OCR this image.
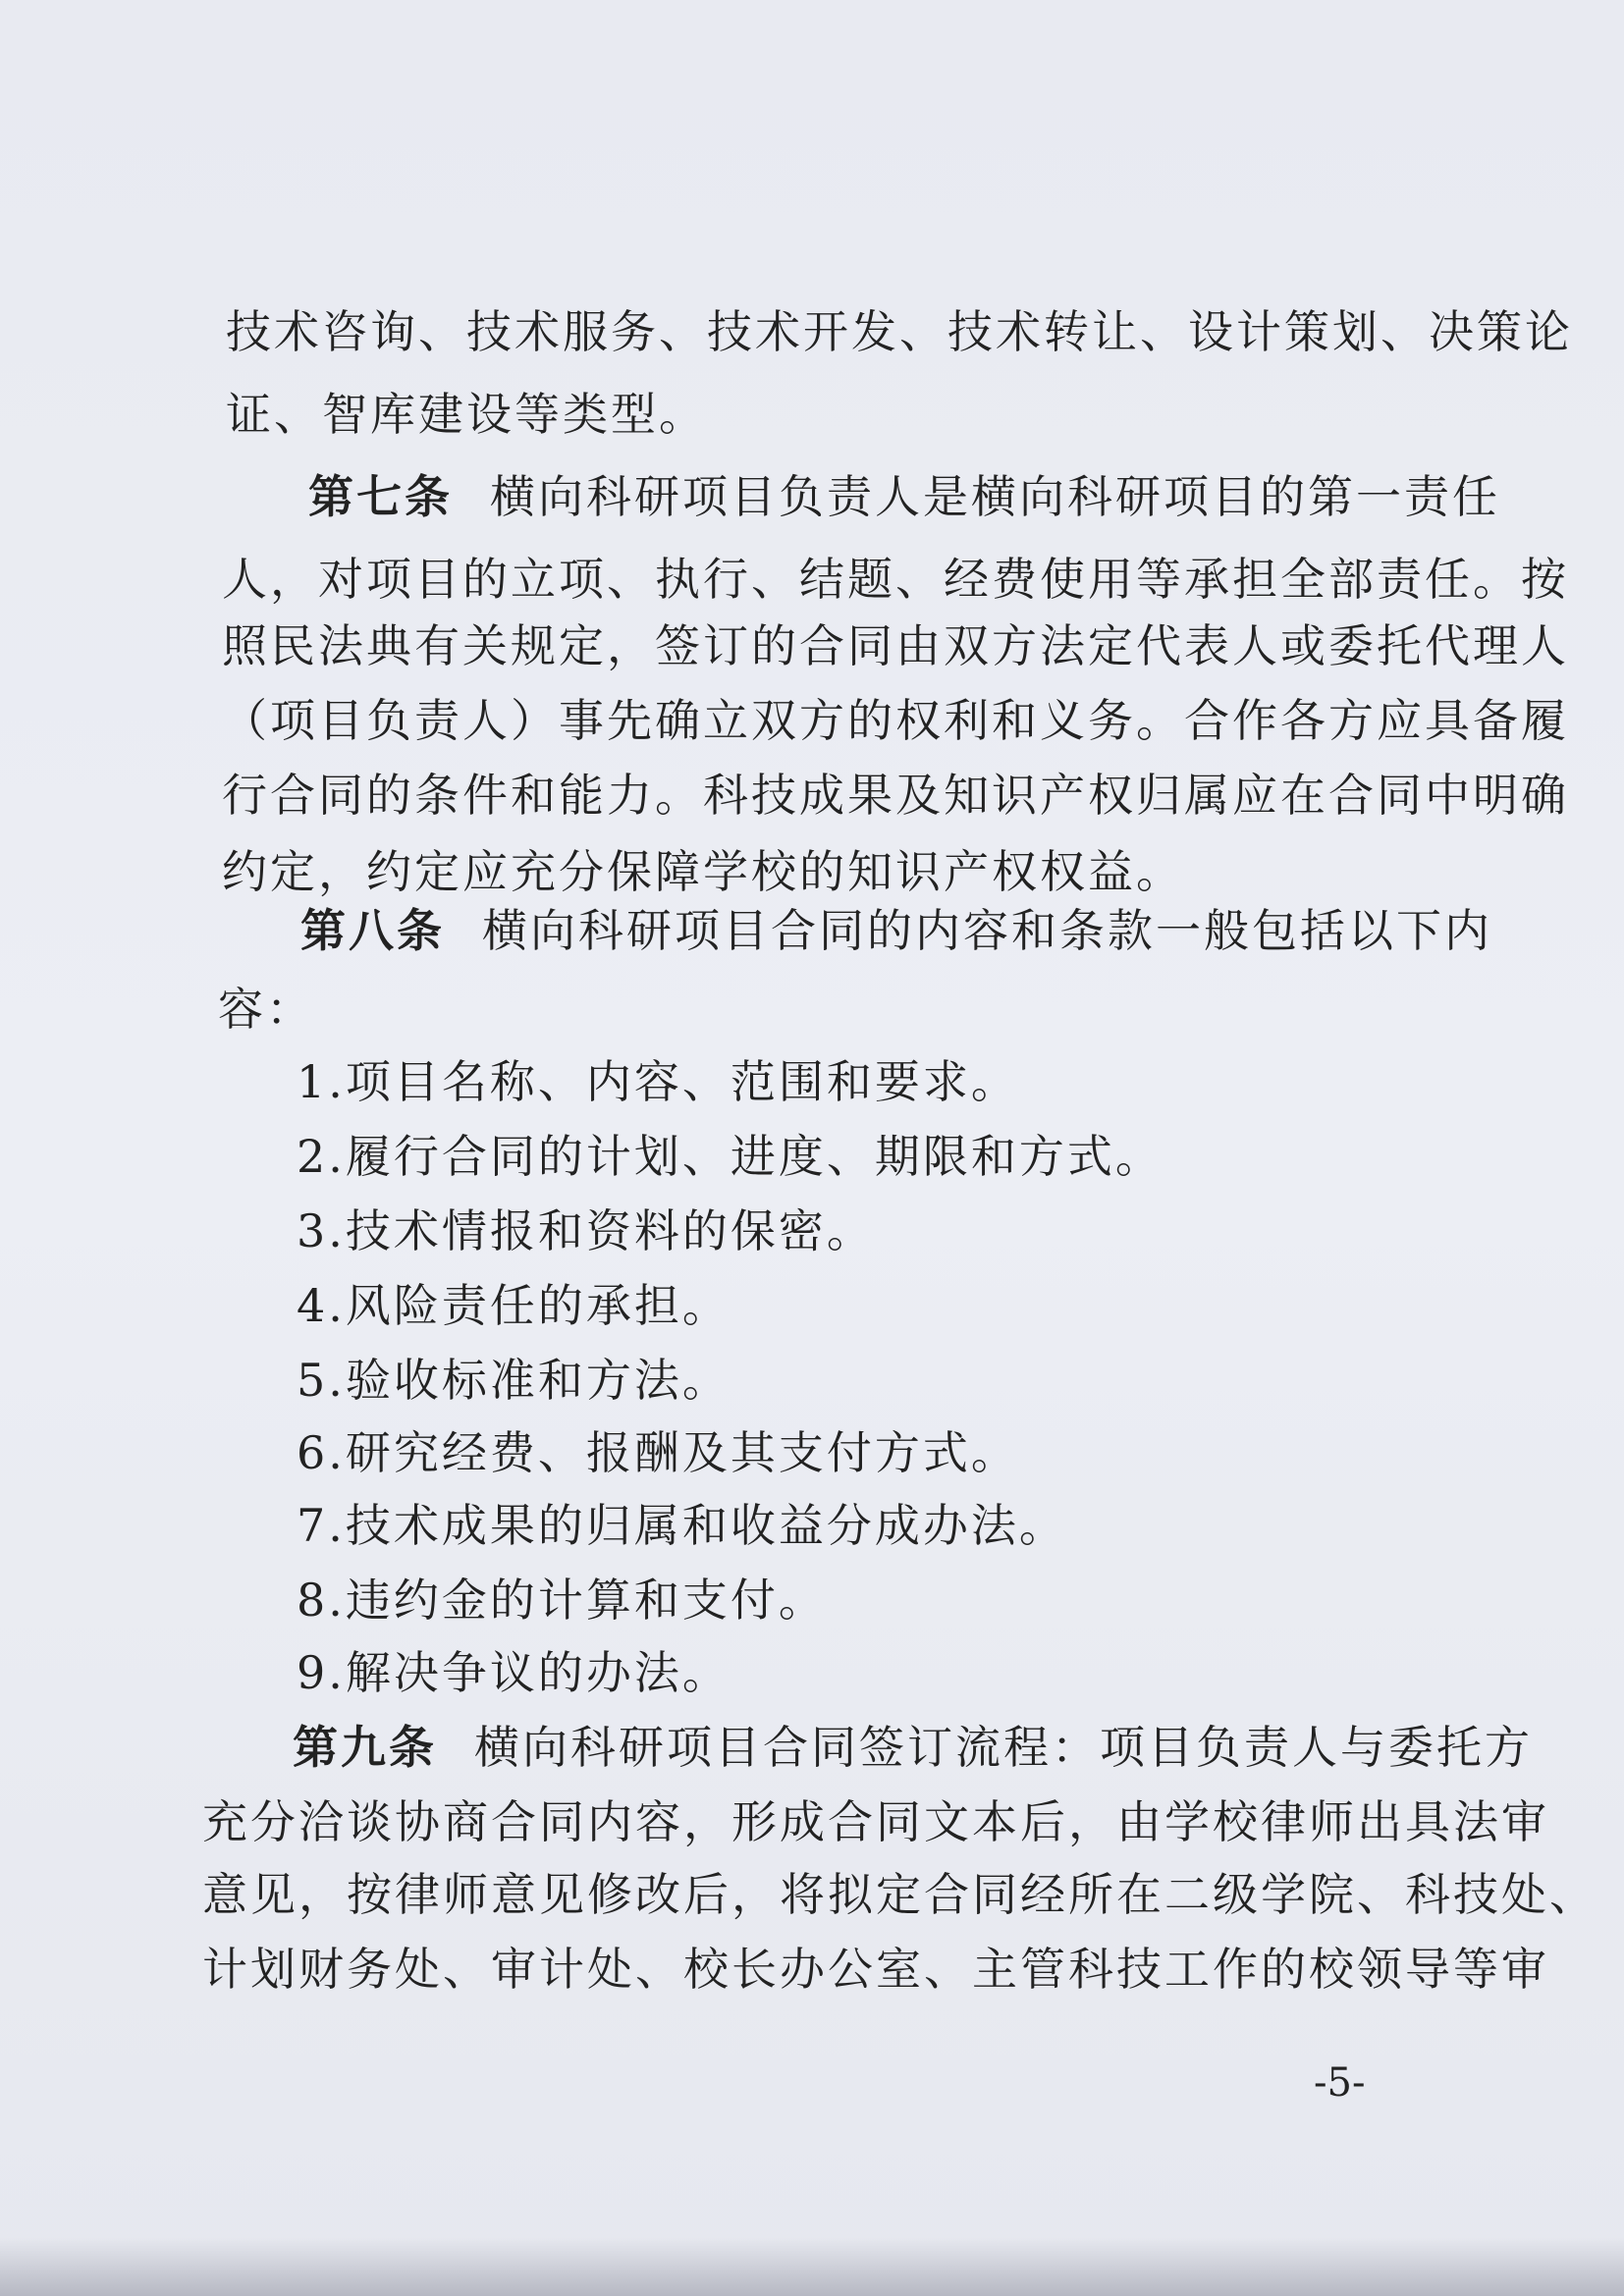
技术咨询、技术服务、技术开发、技术转让、设计策划、决策论
证、智库建设等类型。
第七条 横向科研项目负责人是横向科研项目的第一责任
人，对项目的立项、执行、结题、经费使用等承担全部责任。按
照民法典有关规定，签订的合同由双方法定代表人或委托代理人
（项目负责人）事先确立双方的权利和义务。合作各方应具备履
行合同的条件和能力。科技成果及知识产权归属应在合同中明确
约定，约定应充分保障学校的知识产权权益。
第八条 横向科研项目合同的内容和条款一般包括以下内
容：
1.项目名称、内容、范围和要求。
2.履行合同的计划、进度、期限和方式。
3.技术情报和资料的保密。
4.风险责任的承担。
5.验收标准和方法。
6.研究经费、报酬及其支付方式。
7.技术成果的归属和收益分成办法。
8.违约金的计算和支付。
9.解决争议的办法。
第九条 横向科研项目合同签订流程：项目负责人与委托方
充分洽谈协商合同内容，形成合同文本后，由学校律师出具法审
意见，按律师意见修改后，将拟定合同经所在二级学院、科技处、
计划财务处、审计处、校长办公室、主管科技工作的校领导等审
-5-
